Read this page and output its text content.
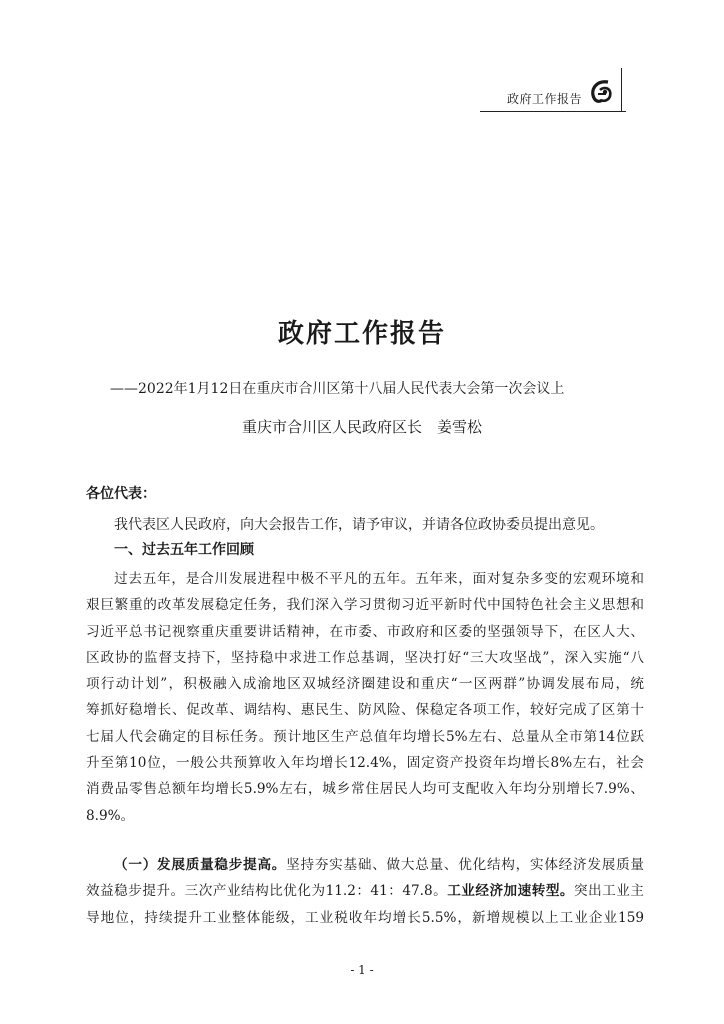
政府工作报告
政府工作报告
——2022年1月12日在重庆市合川区第十八届人民代表大会第一次会议上
重庆市合川区人民政府区长　姜雪松
各位代表：
我代表区人民政府，向大会报告工作，请予审议，并请各位政协委员提出意见。
一、过去五年工作回顾
过去五年，是合川发展进程中极不平凡的五年。五年来，面对复杂多变的宏观环境和
艰巨繁重的改革发展稳定任务，我们深入学习贯彻习近平新时代中国特色社会主义思想和
习近平总书记视察重庆重要讲话精神，在市委、市政府和区委的坚强领导下，在区人大、
区政协的监督支持下，坚持稳中求进工作总基调，坚决打好“三大攻坚战”，深入实施“八
项行动计划”，积极融入成渝地区双城经济圈建设和重庆“一区两群”协调发展布局，统
筹抓好稳增长、促改革、调结构、惠民生、防风险、保稳定各项工作，较好完成了区第十
七届人代会确定的目标任务。预计地区生产总值年均增长5%左右、总量从全市第14位跃
升至第10位，一般公共预算收入年均增长12.4%，固定资产投资年均增长8%左右，社会
消费品零售总额年均增长5.9%左右，城乡常住居民人均可支配收入年均分别增长7.9%、
8.9%。
（一）发展质量稳步提高。坚持夯实基础、做大总量、优化结构，实体经济发展质量
效益稳步提升。三次产业结构比优化为11.2：41：47.8。工业经济加速转型。突出工业主
导地位，持续提升工业整体能级，工业税收年均增长5.5%，新增规模以上工业企业159
- 1 -
